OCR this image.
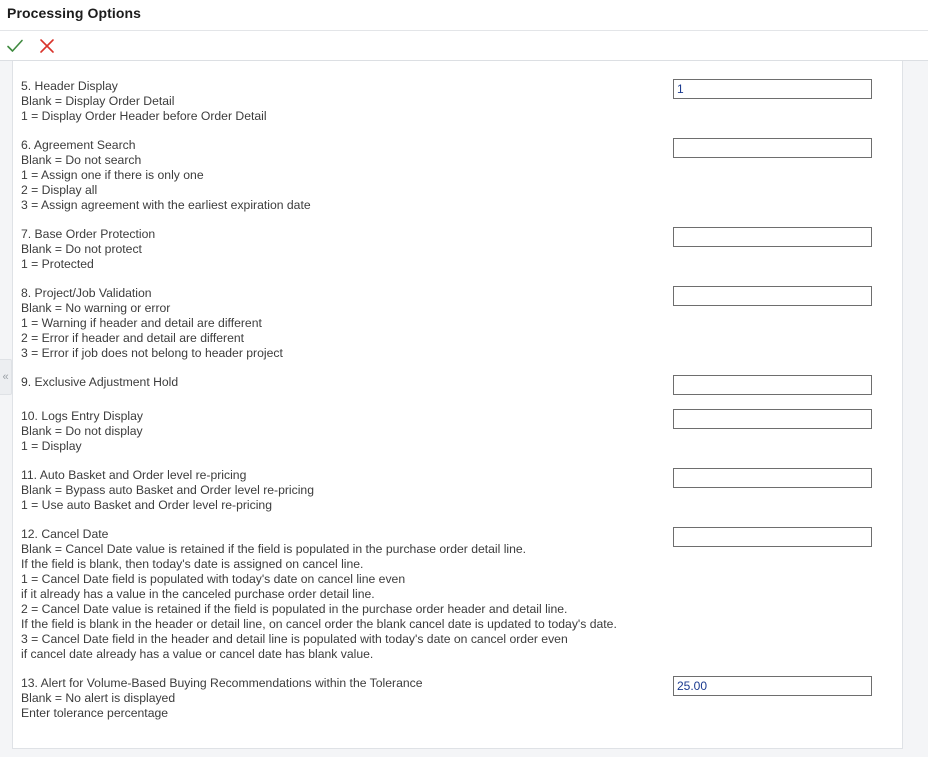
Processing Options
5. Header Display
Blank = Display Order Detail
1 = Display Order Header before Order Detail
1
6. Agreement Search
Blank = Do not search
1 = Assign one if there is only one
2 = Display all
3 = Assign agreement with the earliest expiration date
7. Base Order Protection
Blank = Do not protect
1 = Protected
8. Project/Job Validation
Blank = No warning or error
1 = Warning if header and detail are different
2 = Error if header and detail are different
3 = Error if job does not belong to header project
9. Exclusive Adjustment Hold
10. Logs Entry Display
Blank = Do not display
1 = Display
11. Auto Basket and Order level re-pricing
Blank = Bypass auto Basket and Order level re-pricing
1 = Use auto Basket and Order level re-pricing
12. Cancel Date
Blank = Cancel Date value is retained if the field is populated in the purchase order detail line.
If the field is blank, then today's date is assigned on cancel line.
1 = Cancel Date field is populated with today's date on cancel line even
if it already has a value in the canceled purchase order detail line.
2 = Cancel Date value is retained if the field is populated in the purchase order header and detail line.
If the field is blank in the header or detail line, on cancel order the blank cancel date is updated to today's date.
3 = Cancel Date field in the header and detail line is populated with today's date on cancel order even
if cancel date already has a value or cancel date has blank value.
13. Alert for Volume-Based Buying Recommendations within the Tolerance
Blank = No alert is displayed
Enter tolerance percentage
25.00
«
